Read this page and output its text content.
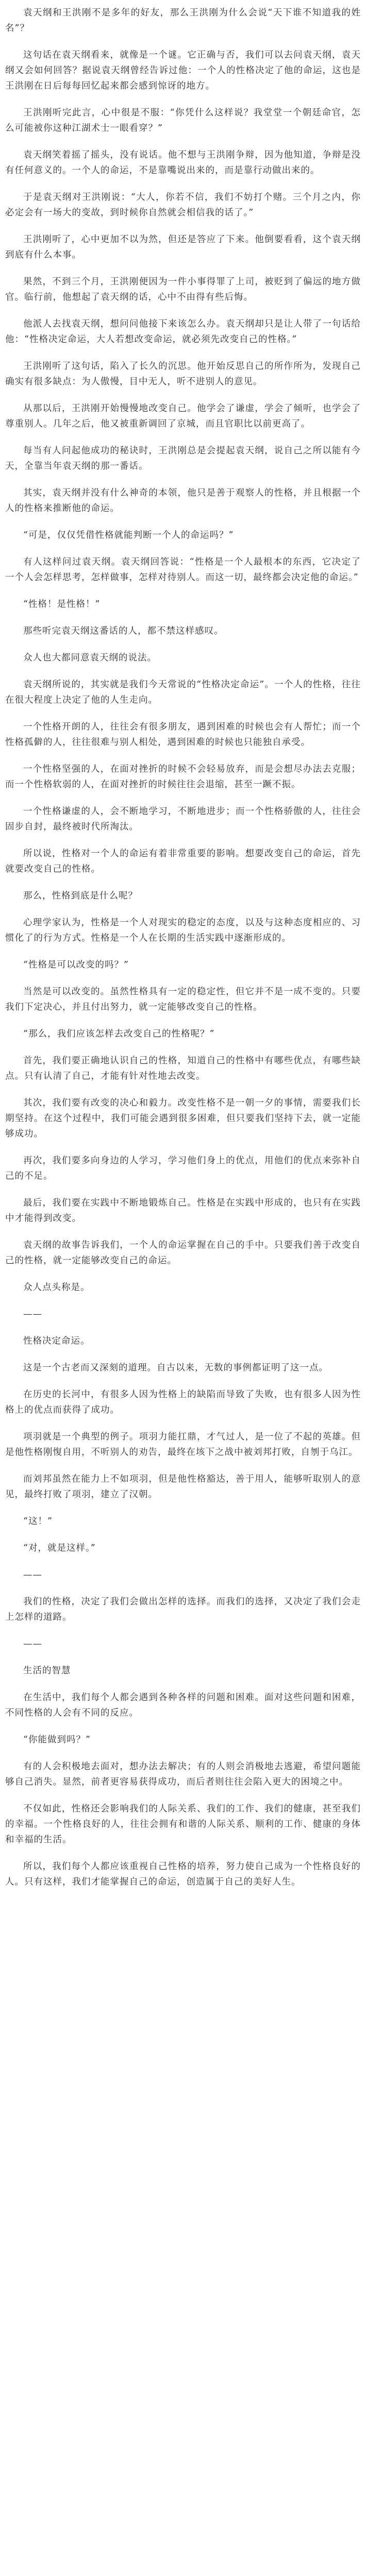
袁天纲和王洪刚不是多年的好友，那么王洪刚为什么会说“天下谁不知道我的姓名”？

这句话在袁天纲看来，就像是一个谜。它正确与否，我们可以去问袁天纲，袁天纲又会如何回答？据说袁天纲曾经告诉过他：一个人的性格决定了他的命运，这也是王洪刚在日后每每回忆起来都会感到惊讶的地方。

王洪刚听完此言，心中很是不服：“你凭什么这样说？我堂堂一个朝廷命官，怎么可能被你这种江湖术士一眼看穿？”

袁天纲笑着摇了摇头，没有说话。他不想与王洪刚争辩，因为他知道，争辩是没有任何意义的。一个人的命运，不是靠嘴说出来的，而是靠行动做出来的。

于是袁天纲对王洪刚说：“大人，你若不信，我们不妨打个赌。三个月之内，你必定会有一场大的变故，到时候你自然就会相信我的话了。”

王洪刚听了，心中更加不以为然，但还是答应了下来。他倒要看看，这个袁天纲到底有什么本事。

果然，不到三个月，王洪刚便因为一件小事得罪了上司，被贬到了偏远的地方做官。临行前，他想起了袁天纲的话，心中不由得有些后悔。

他派人去找袁天纲，想问问他接下来该怎么办。袁天纲却只是让人带了一句话给他：“性格决定命运，大人若想改变命运，就必须先改变自己的性格。”

王洪刚听了这句话，陷入了长久的沉思。他开始反思自己的所作所为，发现自己确实有很多缺点：为人傲慢，目中无人，听不进别人的意见。

从那以后，王洪刚开始慢慢地改变自己。他学会了谦虚，学会了倾听，也学会了尊重别人。几年之后，他又被重新调回了京城，而且官职比以前更高了。

每当有人问起他成功的秘诀时，王洪刚总是会提起袁天纲，说自己之所以能有今天，全靠当年袁天纲的那一番话。

其实，袁天纲并没有什么神奇的本领，他只是善于观察人的性格，并且根据一个人的性格来推断他的命运。

“可是，仅仅凭借性格就能判断一个人的命运吗？”

有人这样问过袁天纲。袁天纲回答说：“性格是一个人最根本的东西，它决定了一个人会怎样思考，怎样做事，怎样对待别人。而这一切，最终都会决定他的命运。”

“性格！是性格！”

那些听完袁天纲这番话的人，都不禁这样感叹。

众人也大都同意袁天纲的说法。

袁天纲所说的，其实就是我们今天常说的“性格决定命运”。一个人的性格，往往在很大程度上决定了他的人生走向。

一个性格开朗的人，往往会有很多朋友，遇到困难的时候也会有人帮忙；而一个性格孤僻的人，往往很难与别人相处，遇到困难的时候也只能独自承受。

一个性格坚强的人，在面对挫折的时候不会轻易放弃，而是会想尽办法去克服；而一个性格软弱的人，在面对挫折的时候往往会退缩，甚至一蹶不振。

一个性格谦虚的人，会不断地学习，不断地进步；而一个性格骄傲的人，往往会固步自封，最终被时代所淘汰。

所以说，性格对一个人的命运有着非常重要的影响。想要改变自己的命运，首先就要改变自己的性格。

那么，性格到底是什么呢？

心理学家认为，性格是一个人对现实的稳定的态度，以及与这种态度相应的、习惯化了的行为方式。性格是一个人在长期的生活实践中逐渐形成的。

“性格是可以改变的吗？”

当然是可以改变的。虽然性格具有一定的稳定性，但它并不是一成不变的。只要我们下定决心，并且付出努力，就一定能够改变自己的性格。

“那么，我们应该怎样去改变自己的性格呢？”

首先，我们要正确地认识自己的性格，知道自己的性格中有哪些优点，有哪些缺点。只有认清了自己，才能有针对性地去改变。

其次，我们要有改变的决心和毅力。改变性格不是一朝一夕的事情，需要我们长期坚持。在这个过程中，我们可能会遇到很多困难，但只要我们坚持下去，就一定能够成功。

再次，我们要多向身边的人学习，学习他们身上的优点，用他们的优点来弥补自己的不足。

最后，我们要在实践中不断地锻炼自己。性格是在实践中形成的，也只有在实践中才能得到改变。

袁天纲的故事告诉我们，一个人的命运掌握在自己的手中。只要我们善于改变自己的性格，就一定能够改变自己的命运。

众人点头称是。

——

性格决定命运。

这是一个古老而又深刻的道理。自古以来，无数的事例都证明了这一点。

在历史的长河中，有很多人因为性格上的缺陷而导致了失败，也有很多人因为性格上的优点而获得了成功。

项羽就是一个典型的例子。项羽力能扛鼎，才气过人，是一位了不起的英雄。但是他性格刚愎自用，不听别人的劝告，最终在垓下之战中被刘邦打败，自刎于乌江。

而刘邦虽然在能力上不如项羽，但是他性格豁达，善于用人，能够听取别人的意见，最终打败了项羽，建立了汉朝。

“这！”

“对，就是这样。”

——

我们的性格，决定了我们会做出怎样的选择。而我们的选择，又决定了我们会走上怎样的道路。

——

生活的智慧

在生活中，我们每个人都会遇到各种各样的问题和困难。面对这些问题和困难，不同性格的人会有不同的反应。

“你能做到吗？”

有的人会积极地去面对，想办法去解决；有的人则会消极地去逃避，希望问题能够自己消失。显然，前者更容易获得成功，而后者则往往会陷入更大的困境之中。

不仅如此，性格还会影响我们的人际关系、我们的工作、我们的健康，甚至我们的幸福。一个性格良好的人，往往会拥有和谐的人际关系、顺利的工作、健康的身体和幸福的生活。

所以，我们每个人都应该重视自己性格的培养，努力使自己成为一个性格良好的人。只有这样，我们才能掌握自己的命运，创造属于自己的美好人生。
